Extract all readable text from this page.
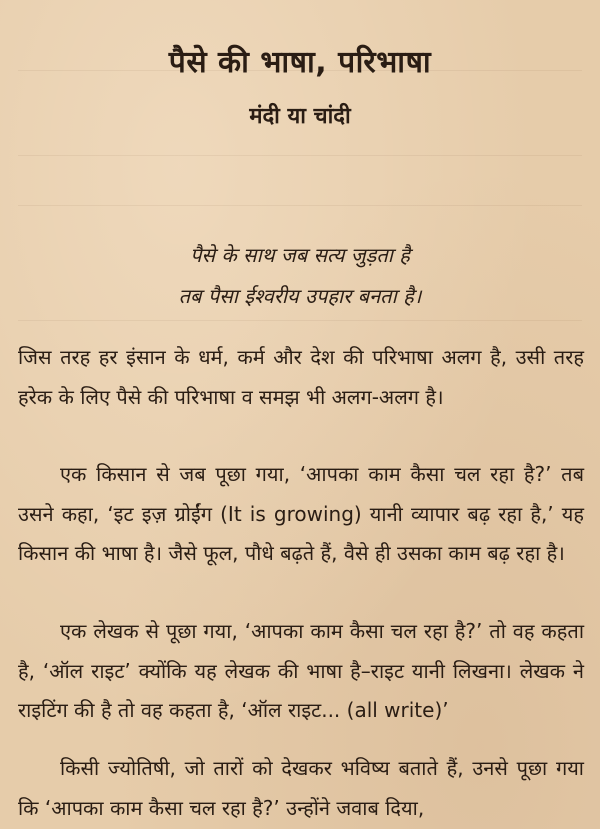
पैसे की भाषा, परिभाषा
मंदी या चांदी
पैसे के साथ जब सत्य जुड़ता है
तब पैसा ईश्वरीय उपहार बनता है।

जिस तरह हर इंसान के धर्म, कर्म और देश की परिभाषा अलग है, उसी तरह हरेक के लिए पैसे की परिभाषा व समझ भी अलग-अलग है।

एक किसान से जब पूछा गया, ‘आपका काम कैसा चल रहा है?’ तब उसने कहा, ‘इट इज़ ग्रोईंग (It is growing) यानी व्यापार बढ़ रहा है,’ यह किसान की भाषा है। जैसे फूल, पौधे बढ़ते हैं, वैसे ही उसका काम बढ़ रहा है।

एक लेखक से पूछा गया, ‘आपका काम कैसा चल रहा है?’ तो वह कहता है, ‘ऑल राइट’ क्योंकि यह लेखक की भाषा है–राइट यानी लिखना। लेखक ने राइटिंग की है तो वह कहता है, ‘ऑल राइट... (all write)’

किसी ज्योतिषी, जो तारों को देखकर भविष्य बताते हैं, उनसे पूछा गया कि ‘आपका काम कैसा चल रहा है?’ उन्होंने जवाब दिया,
